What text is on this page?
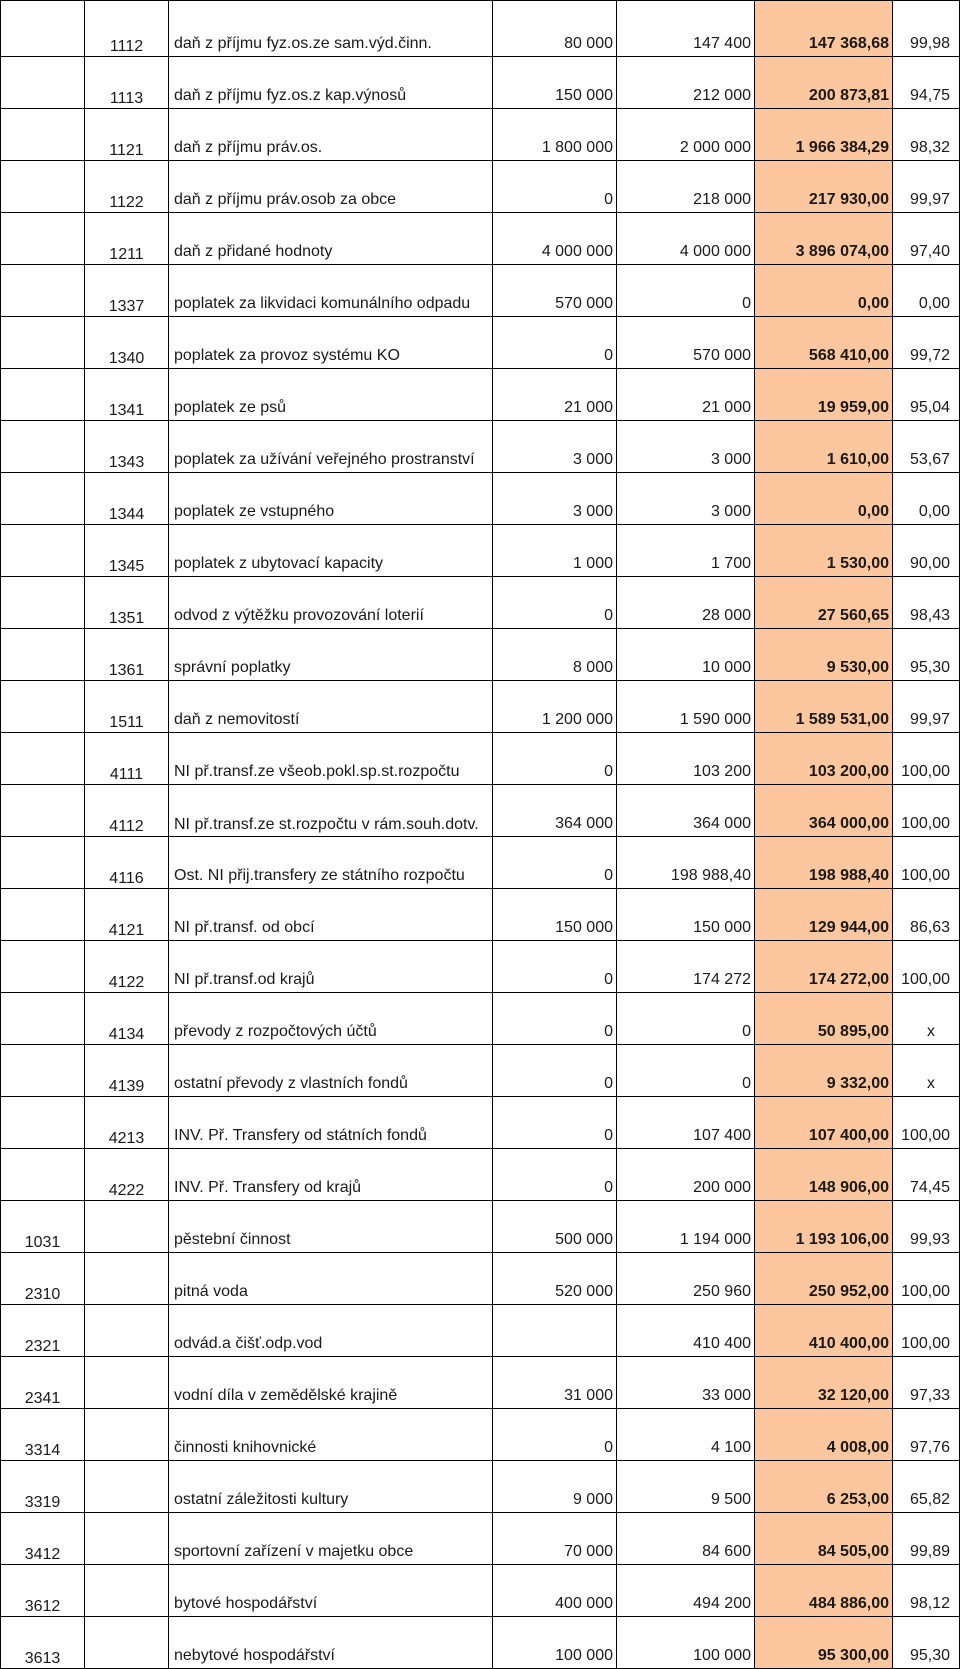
	1112	daň z příjmu fyz.os.ze sam.výd.činn.	80 000	147 400	147 368,68	99,98
	1113	daň z příjmu fyz.os.z kap.výnosů	150 000	212 000	200 873,81	94,75
	1121	daň z příjmu práv.os.	1 800 000	2 000 000	1 966 384,29	98,32
	1122	daň z příjmu práv.osob za obce	0	218 000	217 930,00	99,97
	1211	daň z přidané hodnoty	4 000 000	4 000 000	3 896 074,00	97,40
	1337	poplatek za likvidaci komunálního odpadu	570 000	0	0,00	0,00
	1340	poplatek za provoz systému KO	0	570 000	568 410,00	99,72
	1341	poplatek ze psů	21 000	21 000	19 959,00	95,04
	1343	poplatek za užívání veřejného prostranství	3 000	3 000	1 610,00	53,67
	1344	poplatek ze vstupného	3 000	3 000	0,00	0,00
	1345	poplatek z ubytovací kapacity	1 000	1 700	1 530,00	90,00
	1351	odvod z výtěžku provozování loterií	0	28 000	27 560,65	98,43
	1361	správní poplatky	8 000	10 000	9 530,00	95,30
	1511	daň z nemovitostí	1 200 000	1 590 000	1 589 531,00	99,97
	4111	NI př.transf.ze všeob.pokl.sp.st.rozpočtu	0	103 200	103 200,00	100,00
	4112	NI př.transf.ze st.rozpočtu v rám.souh.dotv.	364 000	364 000	364 000,00	100,00
	4116	Ost. NI přij.transfery ze státního rozpočtu	0	198 988,40	198 988,40	100,00
	4121	NI př.transf. od obcí	150 000	150 000	129 944,00	86,63
	4122	NI př.transf.od krajů	0	174 272	174 272,00	100,00
	4134	převody z rozpočtových účtů	0	0	50 895,00	x
	4139	ostatní převody z vlastních fondů	0	0	9 332,00	x
	4213	INV. Př. Transfery od státních fondů	0	107 400	107 400,00	100,00
	4222	INV. Př. Transfery od krajů	0	200 000	148 906,00	74,45
1031		pěstební činnost	500 000	1 194 000	1 193 106,00	99,93
2310		pitná voda	520 000	250 960	250 952,00	100,00
2321		odvád.a čišť.odp.vod		410 400	410 400,00	100,00
2341		vodní díla v zemědělské krajině	31 000	33 000	32 120,00	97,33
3314		činnosti knihovnické	0	4 100	4 008,00	97,76
3319		ostatní záležitosti kultury	9 000	9 500	6 253,00	65,82
3412		sportovní zařízení v majetku obce	70 000	84 600	84 505,00	99,89
3612		bytové hospodářství	400 000	494 200	484 886,00	98,12
3613		nebytové hospodářství	100 000	100 000	95 300,00	95,30
